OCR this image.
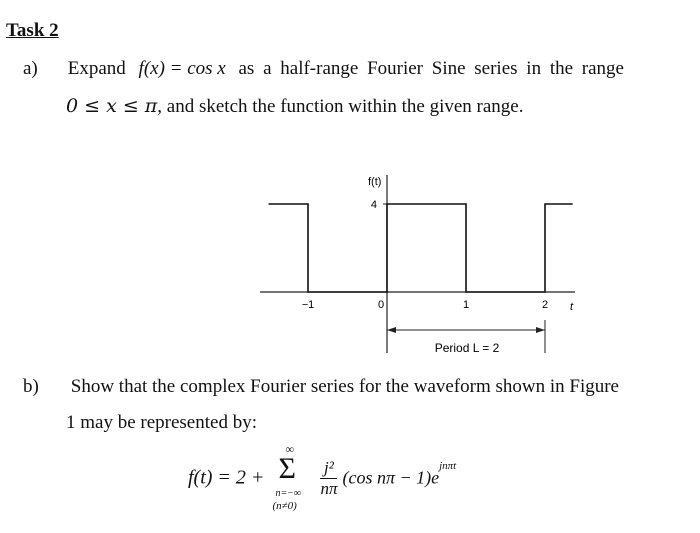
Task 2
a) Expand f(x) = cos x as a half-range Fourier Sine series in the range
0 ≤ x ≤ π, and sketch the function within the given range.
4
f(t)
−1	0	1	2 t
Period L = 2
b) Show that the complex Fourier series for the waveform shown in Figure
1 may be represented by:
f(t) = 2 +
∞
Σ
n=−∞
(n≠0)

$\frac{\text{j²}}{n\pi} (\cos$ $n\pi - 1)e^{jn\pi t}$
